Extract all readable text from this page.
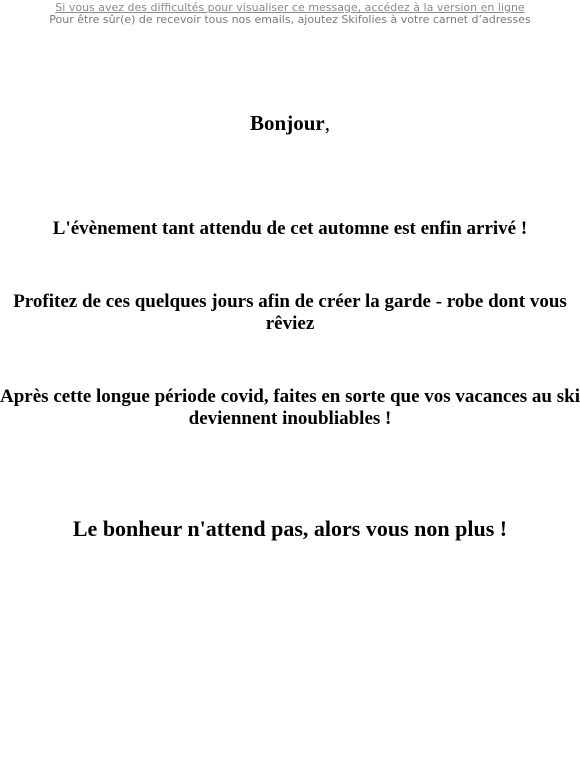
Si vous avez des difficultés pour visualiser ce message, accédez à la version en ligne
Pour être sûr(e) de recevoir tous nos emails, ajoutez Skifolies à votre carnet d’adresses
Bonjour,
L'évènement tant attendu de cet automne est enfin arrivé !
Profitez de ces quelques jours afin de créer la garde - robe dont vous rêviez
Après cette longue période covid, faites en sorte que vos vacances au ski deviennent inoubliables !
Le bonheur n'attend pas, alors vous non plus !
